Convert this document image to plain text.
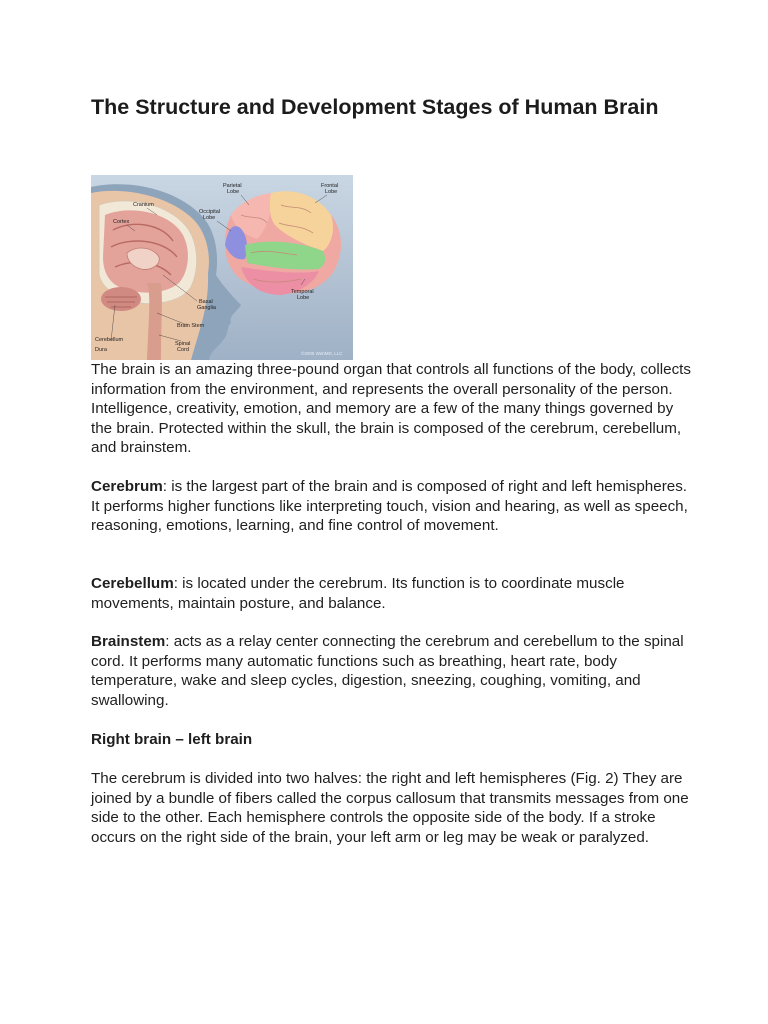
The Structure and Development Stages of Human Brain
Parietal
Lobe
Frontal
Lobe
Cranium
Occipital
Lobe
Cortex
Temporal
Lobe
Basal
Ganglia
Brain Stem
Cerebellum
Spinal
Cord
Dura
©2005 WebMD, LLC

The brain is an amazing three-pound organ that controls all functions of the body, collects information from the environment, and represents the overall personality of the person. Intelligence, creativity, emotion, and memory are a few of the many things governed by the brain. Protected within the skull, the brain is composed of the cerebrum, cerebellum, and brainstem.

Cerebrum: is the largest part of the brain and is composed of right and left hemispheres. It performs higher functions like interpreting touch, vision and hearing, as well as speech, reasoning, emotions, learning, and fine control of movement.

Cerebellum: is located under the cerebrum. Its function is to coordinate muscle movements, maintain posture, and balance.

Brainstem: acts as a relay center connecting the cerebrum and cerebellum to the spinal cord. It performs many automatic functions such as breathing, heart rate, body temperature, wake and sleep cycles, digestion, sneezing, coughing, vomiting, and swallowing.

Right brain – left brain

The cerebrum is divided into two halves: the right and left hemispheres (Fig. 2) They are joined by a bundle of fibers called the corpus callosum that transmits messages from one side to the other. Each hemisphere controls the opposite side of the body. If a stroke occurs on the right side of the brain, your left arm or leg may be weak or paralyzed.
